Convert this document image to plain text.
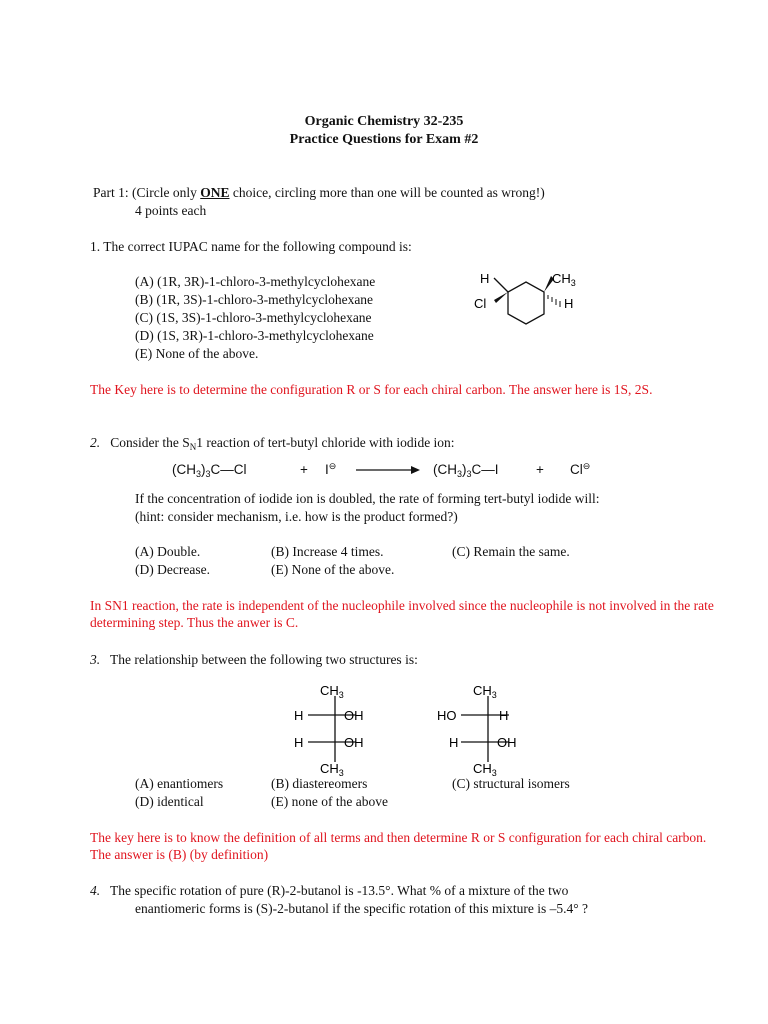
Organic Chemistry 32-235
Practice Questions for Exam #2
Part 1: (Circle only ONE choice, circling more than one will be counted as wrong!)
4 points each
1. The correct IUPAC name for the following compound is:
(A) (1R, 3R)-1-chloro-3-methylcyclohexane
(B) (1R, 3S)-1-chloro-3-methylcyclohexane
(C) (1S, 3S)-1-chloro-3-methylcyclohexane
(D) (1S, 3R)-1-chloro-3-methylcyclohexane
(E) None of the above.
H
Cl
$CH_3$
H
The Key here is to determine the configuration R or S for each chiral carbon. The answer here is 1S, 2S.
2. Consider the $S_N1$ reaction of tert-butyl chloride with iodide ion:
$(CH_3)_3C—Cl$	+ I⊖	$(CH_3)_3C—I$	+ Cl⊖
If the concentration of iodide ion is doubled, the rate of forming tert-butyl iodide will:
(hint: consider mechanism, i.e. how is the product formed?)
(A) Double.	(B) Increase 4 times.	(C) Remain the same.
(D) Decrease.	(E) None of the above.
In SN1 reaction, the rate is independent of the nucleophile involved since the nucleophile is not involved in the rate determining step. Thus the anwer is C.
3. The relationship between the following two structures is:
$CH_3$
H	OH
H	OH
$CH_3$
$CH_3$
HO	H
H	OH
$CH_3$
(A) enantiomers	(B) diastereomers	(C) structural isomers
(D) identical	(E) none of the above
The key here is to know the definition of all terms and then determine R or S configuration for each chiral carbon. The answer is (B) (by definition)
4. The specific rotation of pure (R)-2-butanol is -13.5°. What % of a mixture of the two
enantiomeric forms is (S)-2-butanol if the specific rotation of this mixture is –5.4° ?
